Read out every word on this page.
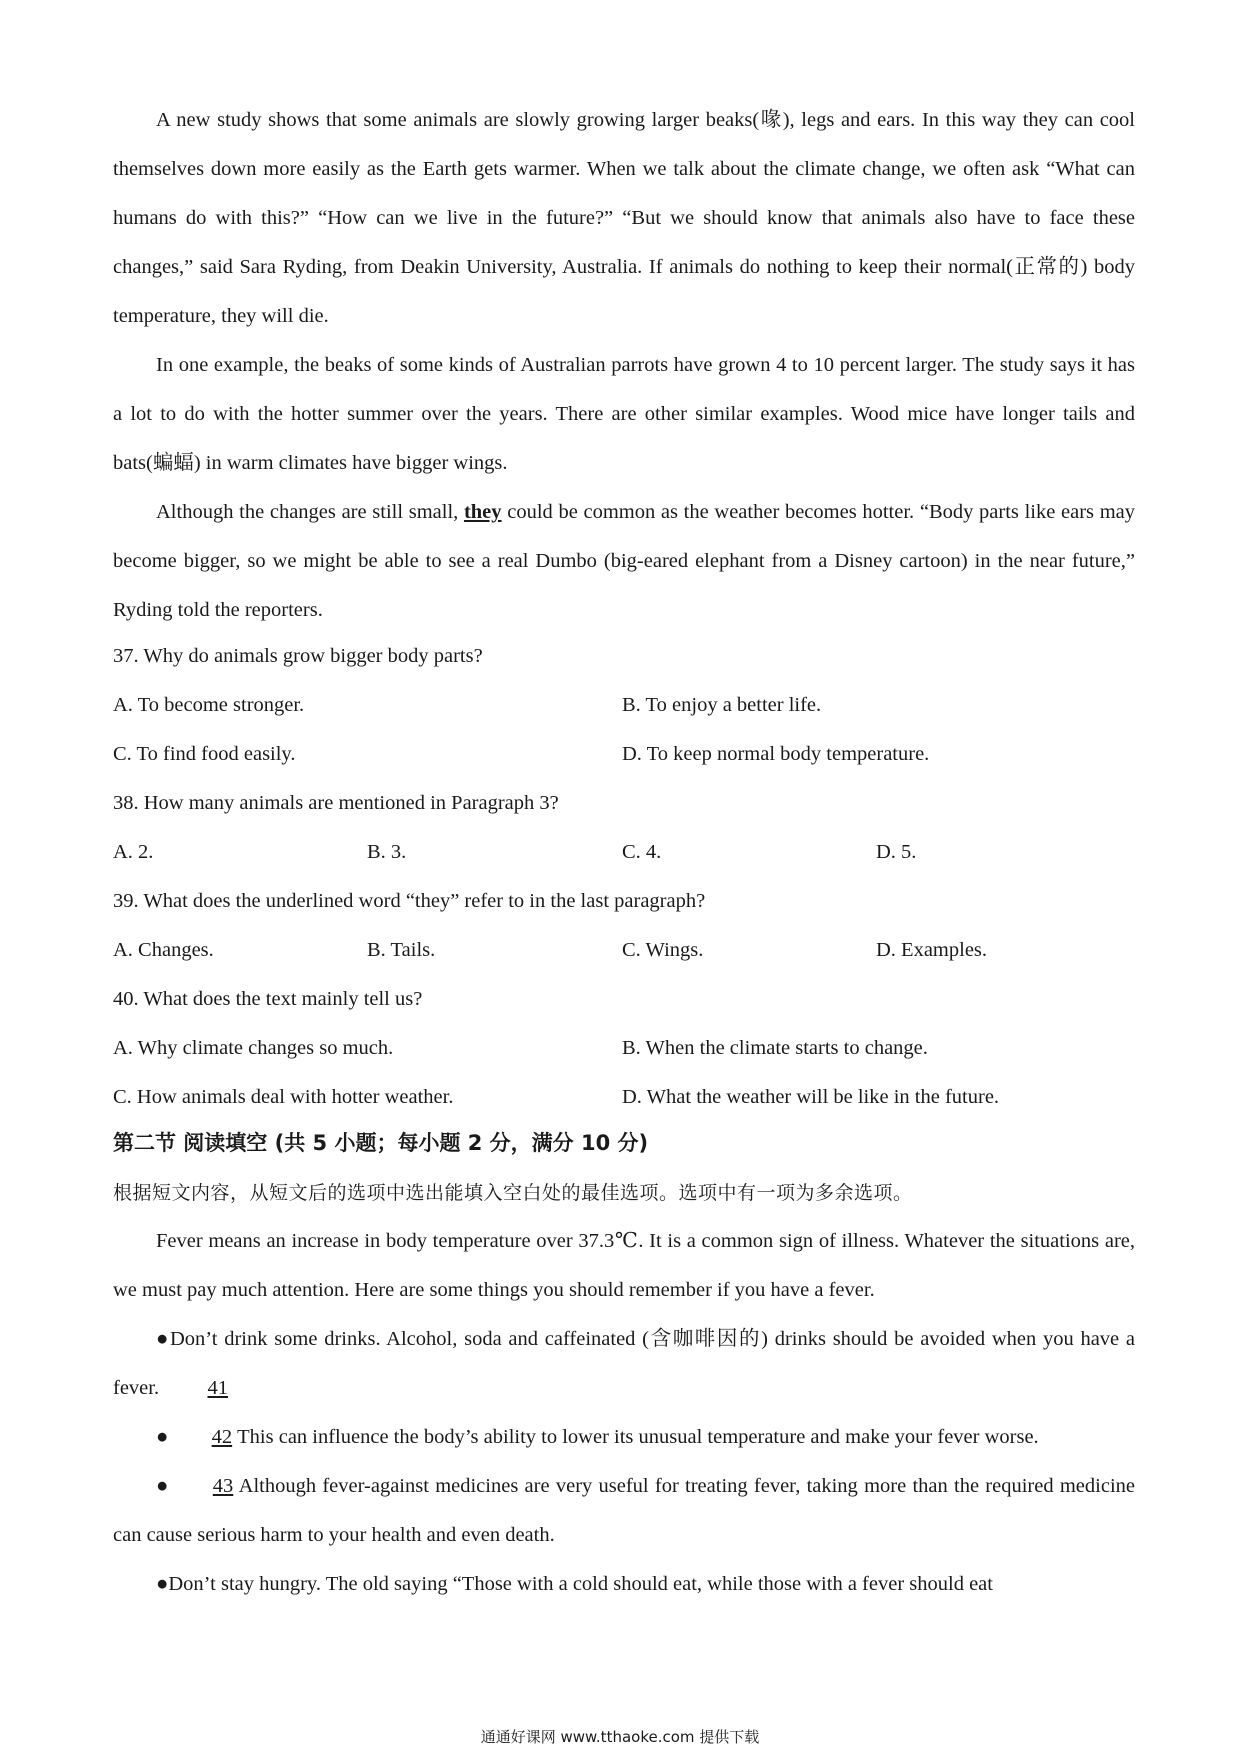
A new study shows that some animals are slowly growing larger beaks(喙), legs and ears. In this way they can cool themselves down more easily as the Earth gets warmer. When we talk about the climate change, we often ask “What can humans do with this?” “How can we live in the future?” “But we should know that animals also have to face these changes,” said Sara Ryding, from Deakin University, Australia. If animals do nothing to keep their normal(正常的) body temperature, they will die.

In one example, the beaks of some kinds of Australian parrots have grown 4 to 10 percent larger. The study says it has a lot to do with the hotter summer over the years. There are other similar examples. Wood mice have longer tails and bats(蝙蝠) in warm climates have bigger wings.

Although the changes are still small, they could be common as the weather becomes hotter. “Body parts like ears may become bigger, so we might be able to see a real Dumbo (big-eared elephant from a Disney cartoon) in the near future,” Ryding told the reporters.

37. Why do animals grow bigger body parts?
A. To become stronger.	B. To enjoy a better life.
C. To find food easily.	D. To keep normal body temperature.
38. How many animals are mentioned in Paragraph 3?
A. 2.	B. 3.	C. 4.	D. 5.
39. What does the underlined word “they” refer to in the last paragraph?
A. Changes.	B. Tails.	C. Wings.	D. Examples.
40. What does the text mainly tell us?
A. Why climate changes so much.	B. When the climate starts to change.
C. How animals deal with hotter weather.	D. What the weather will be like in the future.
第二节 阅读填空 (共 5 小题；每小题 2 分，满分 10 分)
根据短文内容，从短文后的选项中选出能填入空白处的最佳选项。选项中有一项为多余选项。

Fever means an increase in body temperature over 37.3℃. It is a common sign of illness. Whatever the situations are, we must pay much attention. Here are some things you should remember if you have a fever.

●Don’t drink some drinks. Alcohol, soda and caffeinated (含咖啡因的) drinks should be avoided when you have a fever. 41

● 42 This can influence the body’s ability to lower its unusual temperature and make your fever worse.

● 43 Although fever-against medicines are very useful for treating fever, taking more than the required medicine can cause serious harm to your health and even death.

●Don’t stay hungry. The old saying “Those with a cold should eat, while those with a fever should eat

通通好课网 www.tthaoke.com 提供下载
